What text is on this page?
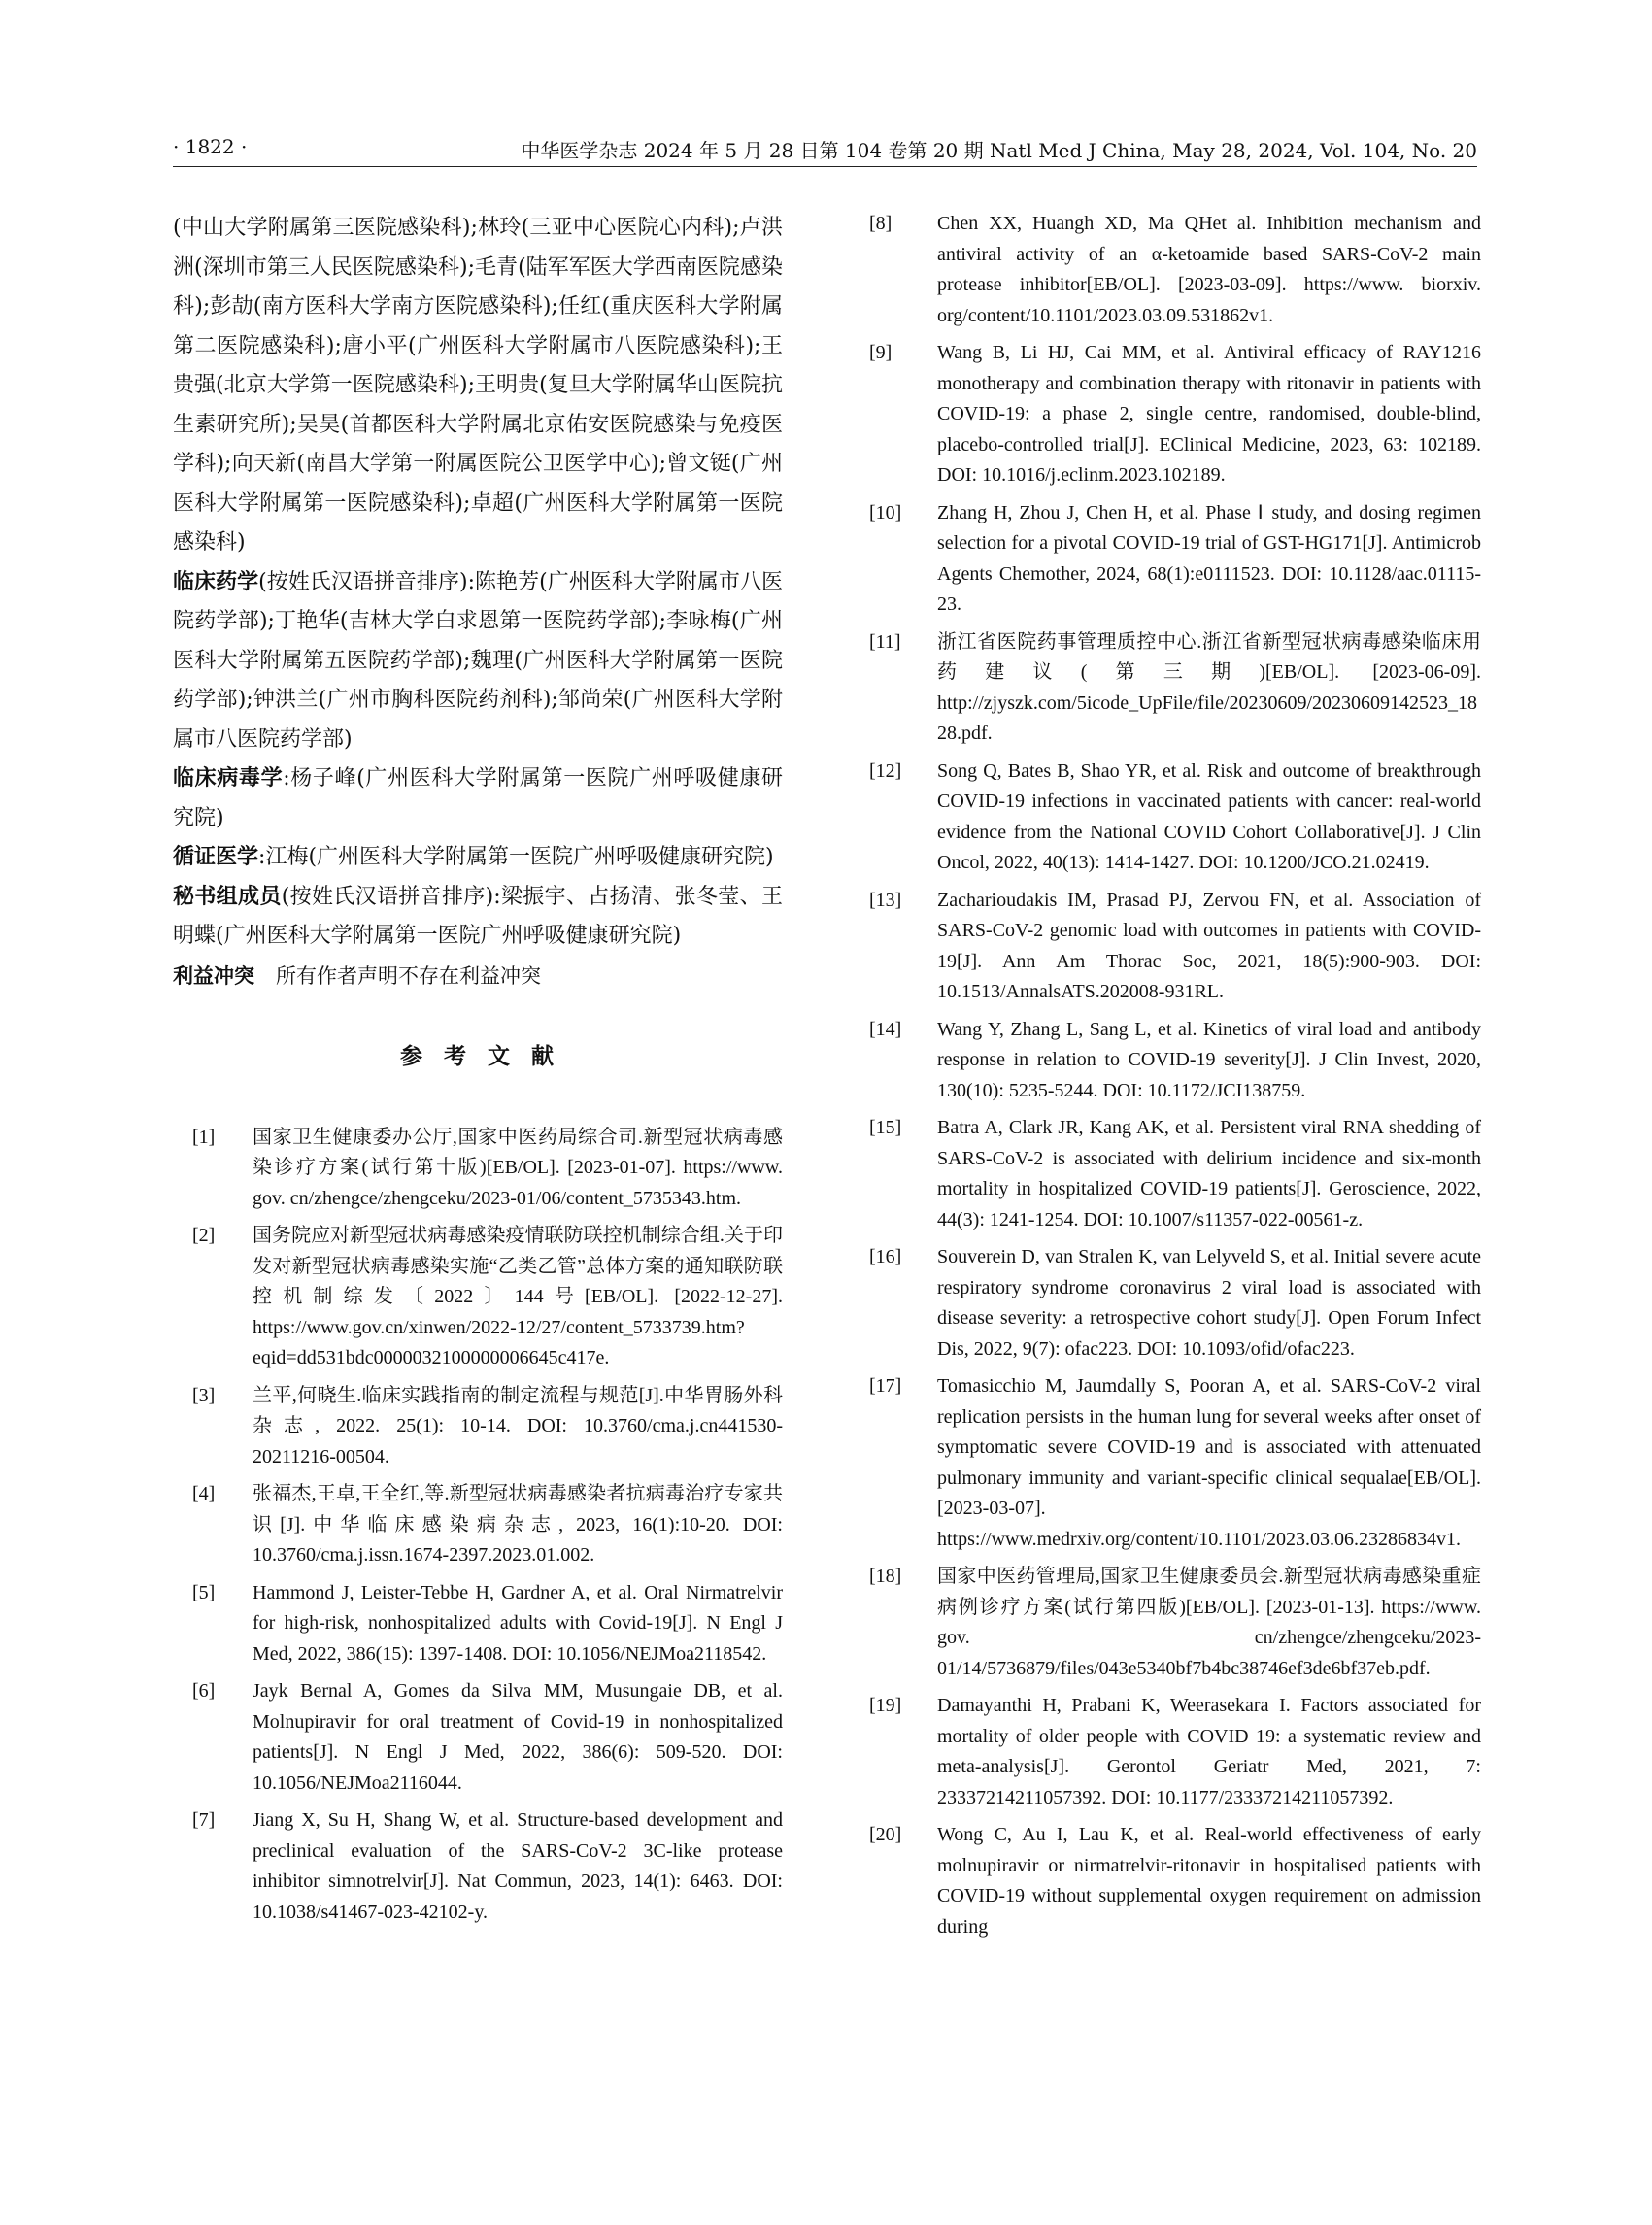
· 1822 ·	中华医学杂志 2024 年 5 月 28 日第 104 卷第 20 期 Natl Med J China, May 28, 2024, Vol. 104, No. 20

(中山大学附属第三医院感染科);林玲(三亚中心医院心内科);卢洪洲(深圳市第三人民医院感染科);毛青(陆军军医大学西南医院感染科);彭劼(南方医科大学南方医院感染科);任红(重庆医科大学附属第二医院感染科);唐小平(广州医科大学附属市八医院感染科);王贵强(北京大学第一医院感染科);王明贵(复旦大学附属华山医院抗生素研究所);吴昊(首都医科大学附属北京佑安医院感染与免疫医学科);向天新(南昌大学第一附属医院公卫医学中心);曾文铤(广州医科大学附属第一医院感染科);卓超(广州医科大学附属第一医院感染科)

临床药学(按姓氏汉语拼音排序):陈艳芳(广州医科大学附属市八医院药学部);丁艳华(吉林大学白求恩第一医院药学部);李咏梅(广州医科大学附属第五医院药学部);魏理(广州医科大学附属第一医院药学部);钟洪兰(广州市胸科医院药剂科);邹尚荣(广州医科大学附属市八医院药学部)

临床病毒学:杨子峰(广州医科大学附属第一医院广州呼吸健康研究院)

循证医学:江梅(广州医科大学附属第一医院广州呼吸健康研究院)

秘书组成员(按姓氏汉语拼音排序):梁振宇、占扬清、张冬莹、王明蝶(广州医科大学附属第一医院广州呼吸健康研究院)

利益冲突 所有作者声明不存在利益冲突

参考文献
[1] 国家卫生健康委办公厅,国家中医药局综合司.新型冠状病毒感染诊疗方案(试行第十版)[EB/OL]. [2023-01-07]. https://www. gov. cn/zhengce/zhengceku/2023-01/06/content_5735343.htm.
[2] 国务院应对新型冠状病毒感染疫情联防联控机制综合组.关于印发对新型冠状病毒感染实施“乙类乙管”总体方案的通知联防联控机制综发〔2022〕144号[EB/OL]. [2022-12-27]. https://www.gov.cn/xinwen/2022-12/27/content_5733739.htm?eqid=dd531bdc0000032100000006645c417e.
[3] 兰平,何晓生.临床实践指南的制定流程与规范[J].中华胃肠外科杂志, 2022. 25(1): 10-14. DOI: 10.3760/cma.j.cn441530-20211216-00504.
[4] 张福杰,王卓,王全红,等.新型冠状病毒感染者抗病毒治疗专家共识[J].中华临床感染病杂志, 2023, 16(1):10-20. DOI: 10.3760/cma.j.issn.1674-2397.2023.01.002.
[5] Hammond J, Leister-Tebbe H, Gardner A, et al. Oral Nirmatrelvir for high-risk, nonhospitalized adults with Covid-19[J]. N Engl J Med, 2022, 386(15): 1397-1408. DOI: 10.1056/NEJMoa2118542.
[6] Jayk Bernal A, Gomes da Silva MM, Musungaie DB, et al. Molnupiravir for oral treatment of Covid-19 in nonhospitalized patients[J]. N Engl J Med, 2022, 386(6): 509-520. DOI: 10.1056/NEJMoa2116044.
[7] Jiang X, Su H, Shang W, et al. Structure-based development and preclinical evaluation of the SARS-CoV-2 3C-like protease inhibitor simnotrelvir[J]. Nat Commun, 2023, 14(1): 6463. DOI: 10.1038/s41467-023-42102-y.
[8] Chen XX, Huangh XD, Ma QHet al. Inhibition mechanism and antiviral activity of an α-ketoamide based SARS-CoV-2 main protease inhibitor[EB/OL]. [2023-03-09]. https://www. biorxiv. org/content/10.1101/2023.03.09.531862v1.
[9] Wang B, Li HJ, Cai MM, et al. Antiviral efficacy of RAY1216 monotherapy and combination therapy with ritonavir in patients with COVID-19: a phase 2, single centre, randomised, double-blind, placebo-controlled trial[J]. EClinical Medicine, 2023, 63: 102189. DOI: 10.1016/j.eclinm.2023.102189.
[10] Zhang H, Zhou J, Chen H, et al. Phase Ⅰ study, and dosing regimen selection for a pivotal COVID-19 trial of GST-HG171[J]. Antimicrob Agents Chemother, 2024, 68(1):e0111523. DOI: 10.1128/aac.01115-23.
[11] 浙江省医院药事管理质控中心.浙江省新型冠状病毒感染临床用药建议(第三期)[EB/OL]. [2023-06-09]. http://zjyszk.com/5icode_UpFile/file/20230609/20230609142523_1828.pdf.
[12] Song Q, Bates B, Shao YR, et al. Risk and outcome of breakthrough COVID-19 infections in vaccinated patients with cancer: real-world evidence from the National COVID Cohort Collaborative[J]. J Clin Oncol, 2022, 40(13): 1414-1427. DOI: 10.1200/JCO.21.02419.
[13] Zacharioudakis IM, Prasad PJ, Zervou FN, et al. Association of SARS-CoV-2 genomic load with outcomes in patients with COVID-19[J]. Ann Am Thorac Soc, 2021, 18(5):900-903. DOI: 10.1513/AnnalsATS.202008-931RL.
[14] Wang Y, Zhang L, Sang L, et al. Kinetics of viral load and antibody response in relation to COVID-19 severity[J]. J Clin Invest, 2020, 130(10): 5235-5244. DOI: 10.1172/JCI138759.
[15] Batra A, Clark JR, Kang AK, et al. Persistent viral RNA shedding of SARS-CoV-2 is associated with delirium incidence and six-month mortality in hospitalized COVID-19 patients[J]. Geroscience, 2022, 44(3): 1241-1254. DOI: 10.1007/s11357-022-00561-z.
[16] Souverein D, van Stralen K, van Lelyveld S, et al. Initial severe acute respiratory syndrome coronavirus 2 viral load is associated with disease severity: a retrospective cohort study[J]. Open Forum Infect Dis, 2022, 9(7): ofac223. DOI: 10.1093/ofid/ofac223.
[17] Tomasicchio M, Jaumdally S, Pooran A, et al. SARS-CoV-2 viral replication persists in the human lung for several weeks after onset of symptomatic severe COVID-19 and is associated with attenuated pulmonary immunity and variant-specific clinical sequalae[EB/OL]. [2023-03-07]. https://www.medrxiv.org/content/10.1101/2023.03.06.23286834v1.
[18] 国家中医药管理局,国家卫生健康委员会.新型冠状病毒感染重症病例诊疗方案(试行第四版)[EB/OL]. [2023-01-13]. https://www. gov. cn/zhengce/zhengceku/2023-01/14/5736879/files/043e5340bf7b4bc38746ef3de6bf37eb.pdf.
[19] Damayanthi H, Prabani K, Weerasekara I. Factors associated for mortality of older people with COVID 19: a systematic review and meta-analysis[J]. Gerontol Geriatr Med, 2021, 7: 23337214211057392. DOI: 10.1177/23337214211057392.
[20] Wong C, Au I, Lau K, et al. Real-world effectiveness of early molnupiravir or nirmatrelvir-ritonavir in hospitalised patients with COVID-19 without supplemental oxygen requirement on admission during
